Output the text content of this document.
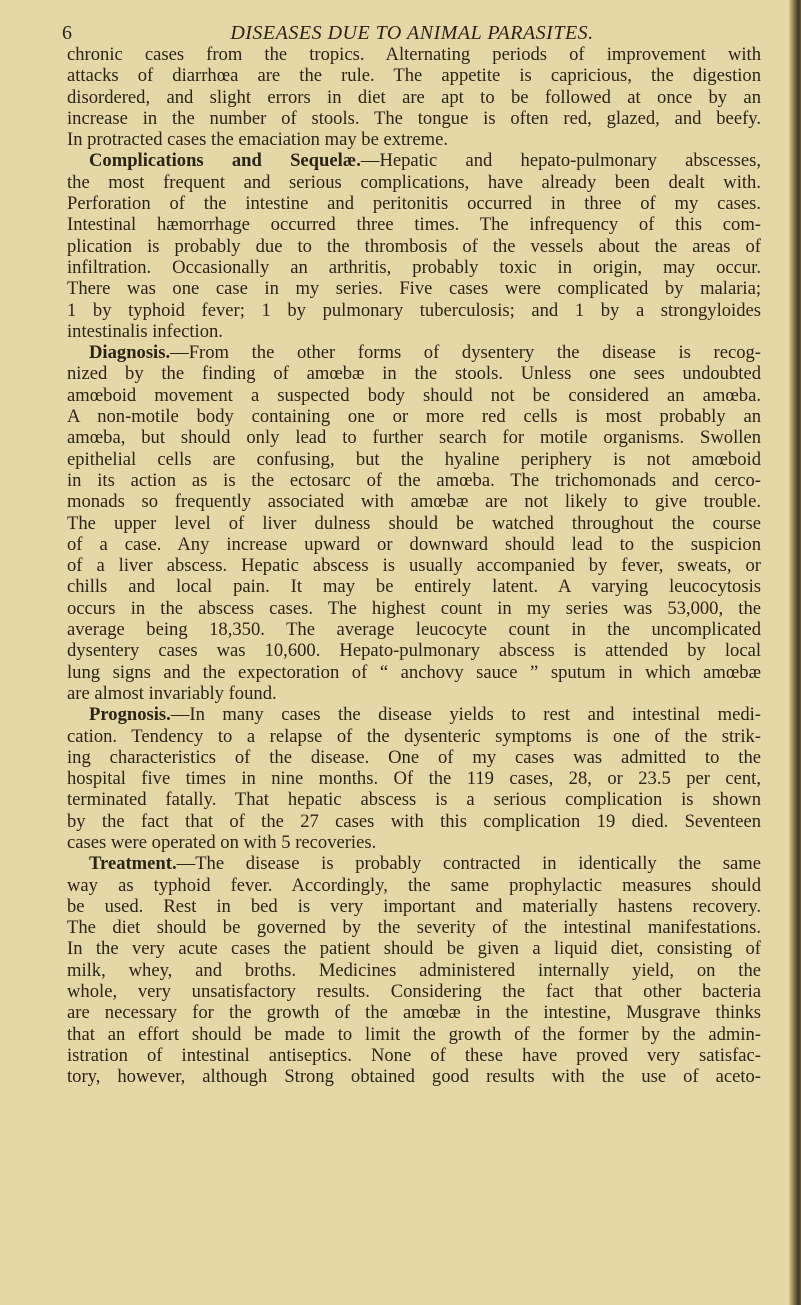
6	DISEASES DUE TO ANIMAL PARASITES.
chronic cases from the tropics. Alternating periods of improvement with
attacks of diarrhœa are the rule. The appetite is capricious, the digestion
disordered, and slight errors in diet are apt to be followed at once by an
increase in the number of stools. The tongue is often red, glazed, and beefy.
In protracted cases the emaciation may be extreme.
Complications and Sequelæ.—Hepatic and hepato-pulmonary abscesses,
the most frequent and serious complications, have already been dealt with.
Perforation of the intestine and peritonitis occurred in three of my cases.
Intestinal hæmorrhage occurred three times. The infrequency of this com-
plication is probably due to the thrombosis of the vessels about the areas of
infiltration. Occasionally an arthritis, probably toxic in origin, may occur.
There was one case in my series. Five cases were complicated by malaria;
1 by typhoid fever; 1 by pulmonary tuberculosis; and 1 by a strongyloides
intestinalis infection.
Diagnosis.—From the other forms of dysentery the disease is recog-
nized by the finding of amœbæ in the stools. Unless one sees undoubted
amœboid movement a suspected body should not be considered an amœba.
A non-motile body containing one or more red cells is most probably an
amœba, but should only lead to further search for motile organisms. Swollen
epithelial cells are confusing, but the hyaline periphery is not amœboid
in its action as is the ectosarc of the amœba. The trichomonads and cerco-
monads so frequently associated with amœbæ are not likely to give trouble.
The upper level of liver dulness should be watched throughout the course
of a case. Any increase upward or downward should lead to the suspicion
of a liver abscess. Hepatic abscess is usually accompanied by fever, sweats, or
chills and local pain. It may be entirely latent. A varying leucocytosis
occurs in the abscess cases. The highest count in my series was 53,000, the
average being 18,350. The average leucocyte count in the uncomplicated
dysentery cases was 10,600. Hepato-pulmonary abscess is attended by local
lung signs and the expectoration of “ anchovy sauce ” sputum in which amœbæ
are almost invariably found.
Prognosis.—In many cases the disease yields to rest and intestinal medi-
cation. Tendency to a relapse of the dysenteric symptoms is one of the strik-
ing characteristics of the disease. One of my cases was admitted to the
hospital five times in nine months. Of the 119 cases, 28, or 23.5 per cent,
terminated fatally. That hepatic abscess is a serious complication is shown
by the fact that of the 27 cases with this complication 19 died. Seventeen
cases were operated on with 5 recoveries.
Treatment.—The disease is probably contracted in identically the same
way as typhoid fever. Accordingly, the same prophylactic measures should
be used. Rest in bed is very important and materially hastens recovery.
The diet should be governed by the severity of the intestinal manifestations.
In the very acute cases the patient should be given a liquid diet, consisting of
milk, whey, and broths. Medicines administered internally yield, on the
whole, very unsatisfactory results. Considering the fact that other bacteria
are necessary for the growth of the amœbæ in the intestine, Musgrave thinks
that an effort should be made to limit the growth of the former by the admin-
istration of intestinal antiseptics. None of these have proved very satisfac-
tory, however, although Strong obtained good results with the use of aceto-
